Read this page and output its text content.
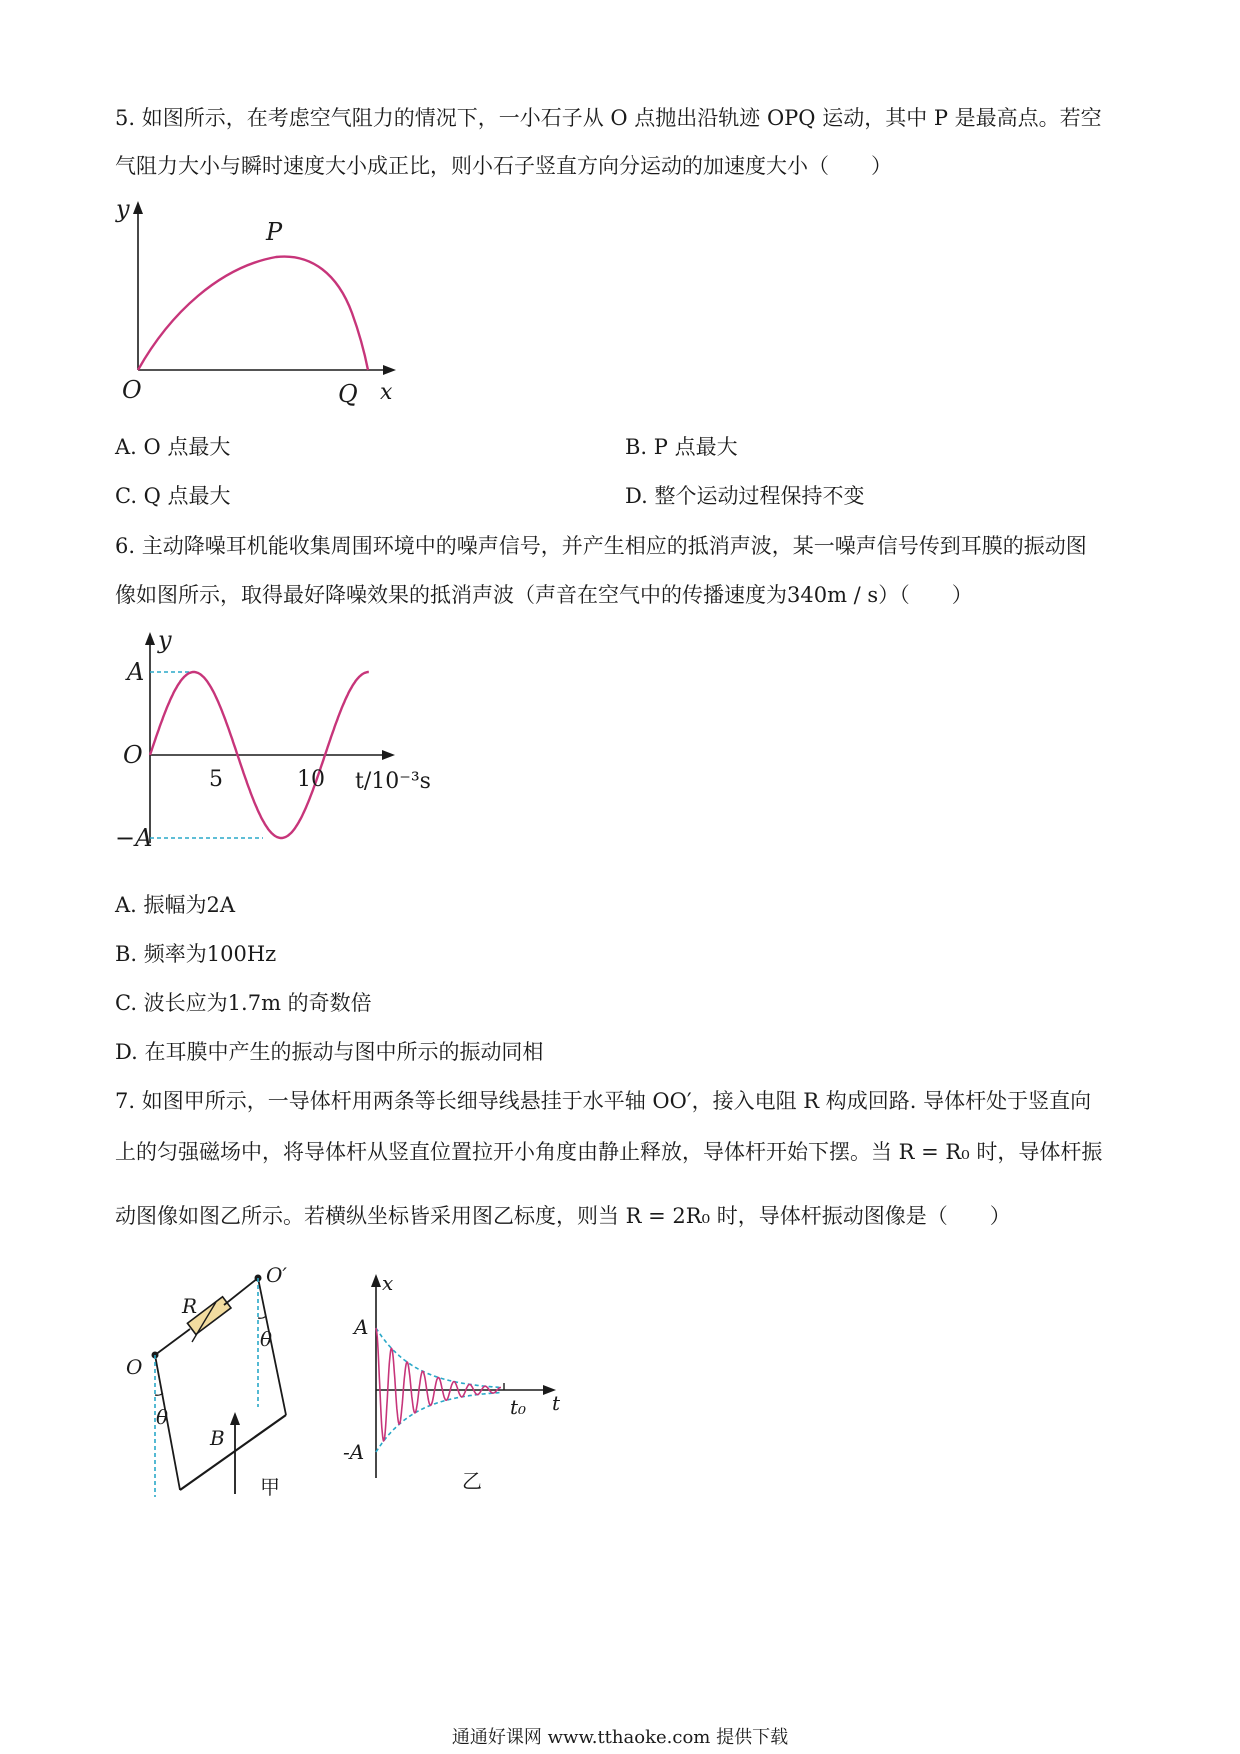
5. 如图所示，在考虑空气阻力的情况下，一小石子从 O 点抛出沿轨迹 OPQ 运动，其中 P 是最高点。若空
气阻力大小与瞬时速度大小成正比，则小石子竖直方向分运动的加速度大小（　　）
y
x
O
P
Q
A. O 点最大	B. P 点最大
C. Q 点最大	D. 整个运动过程保持不变
6. 主动降噪耳机能收集周围环境中的噪声信号，并产生相应的抵消声波，某一噪声信号传到耳膜的振动图
像如图所示，取得最好降噪效果的抵消声波（声音在空气中的传播速度为340m / s）（　　）
y
A
O
−A
5	10 t/10⁻³s
A. 振幅为2A
B. 频率为100Hz
C. 波长应为1.7m 的奇数倍
D. 在耳膜中产生的振动与图中所示的振动同相
7. 如图甲所示，一导体杆用两条等长细导线悬挂于水平轴 OO′，接入电阻 R 构成回路. 导体杆处于竖直向
上的匀强磁场中，将导体杆从竖直位置拉开小角度由静止释放，导体杆开始下摆。当 R = R₀ 时，导体杆振
动图像如图乙所示。若横纵坐标皆采用图乙标度，则当 R = 2R₀ 时，导体杆振动图像是（　　）
O
O′
R
B
θ
θ
甲
x
A
-A
t₀ t
乙
通通好课网 www.tthaoke.com 提供下载
